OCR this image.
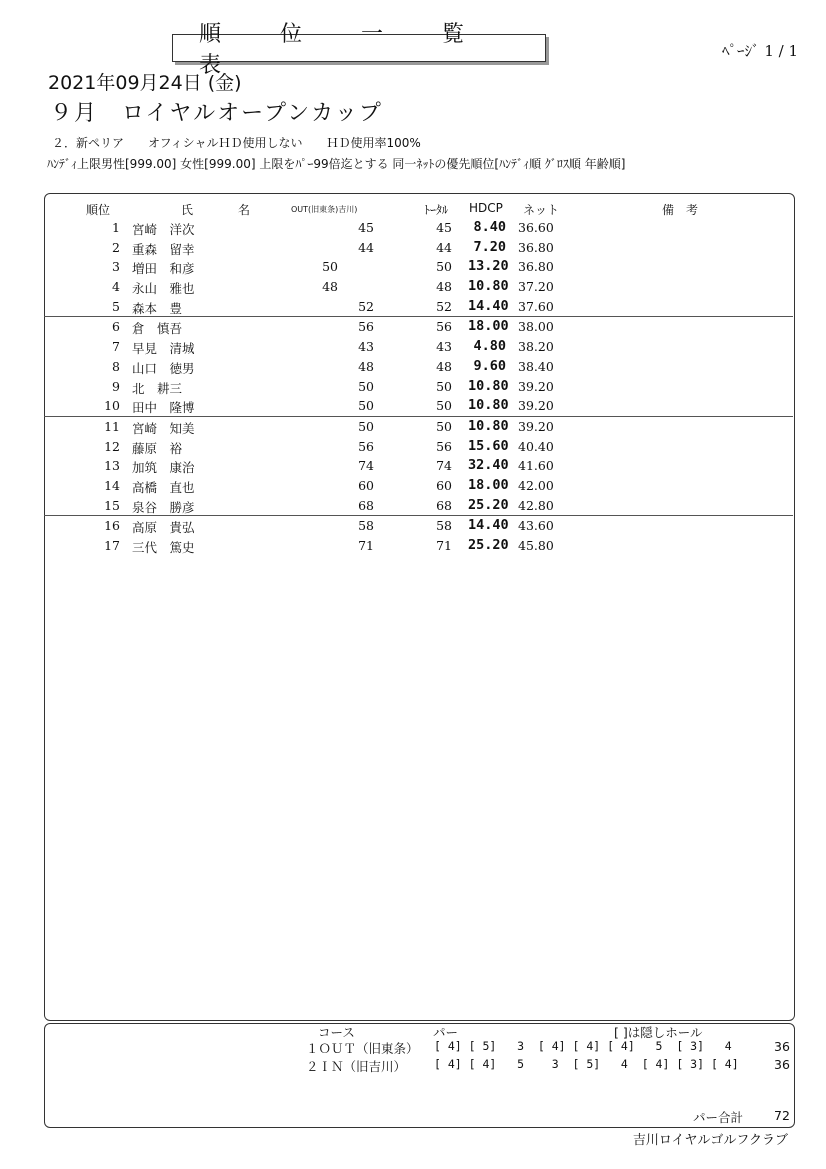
順 位 一 覧 表
ﾍﾟｰｼﾞ 1 / 1
2021年09月24日 (金)
９月　ロイヤルオープンカップ
２．新ペリア　　オフィシャルＨＤ使用しない　　ＨＤ使用率100%
ﾊﾝﾃﾞｨ上限男性[999.00] 女性[999.00] 上限をﾊﾟｰ99倍迄とする 同一ﾈｯﾄの優先順位[ﾊﾝﾃﾞｨ順 ｸﾞﾛｽ順 年齢順]
順位	氏	名	OUT(旧東条)吉川)	ﾄｰﾀﾙ HDCP ネット	備　考
1 宮崎　洋次	45	45	8.40 36.60
2 重森　留幸	44	44	7.20 36.80
3 増田　和彦	50	50 13.20 36.80
4 永山　雅也	48	48 10.80 37.20
5 森本　豊	52	52 14.40 37.60
6 倉　慎吾	56	56 18.00 38.00
7 早見　清城	43	43	4.80 38.20
8 山口　徳男	48	48	9.60 38.40
9 北　耕三	50	50 10.80 39.20
10 田中　隆博	50	50 10.80 39.20
11 宮崎　知美	50	50 10.80 39.20
12 藤原　裕	56	56 15.60 40.40
13 加筑　康治	74	74 32.40 41.60
14 高橋　直也	60	60 18.00 42.00
15 泉谷　勝彦	68	68 25.20 42.80
16 高原　貴弘	58	58 14.40 43.60
17 三代　篤史	71	71 25.20 45.80
コース	パー	[ ]は隠しホール
１ＯＵＴ（旧東条） [ 4] [ 5]   3  [ 4] [ 4] [ 4]   5  [ 3]   4	36
２ＩＮ（旧吉川） [ 4] [ 4]   5    3  [ 5]   4  [ 4] [ 3] [ 4]	36
パー合計 72
吉川ロイヤルゴルフクラブ
